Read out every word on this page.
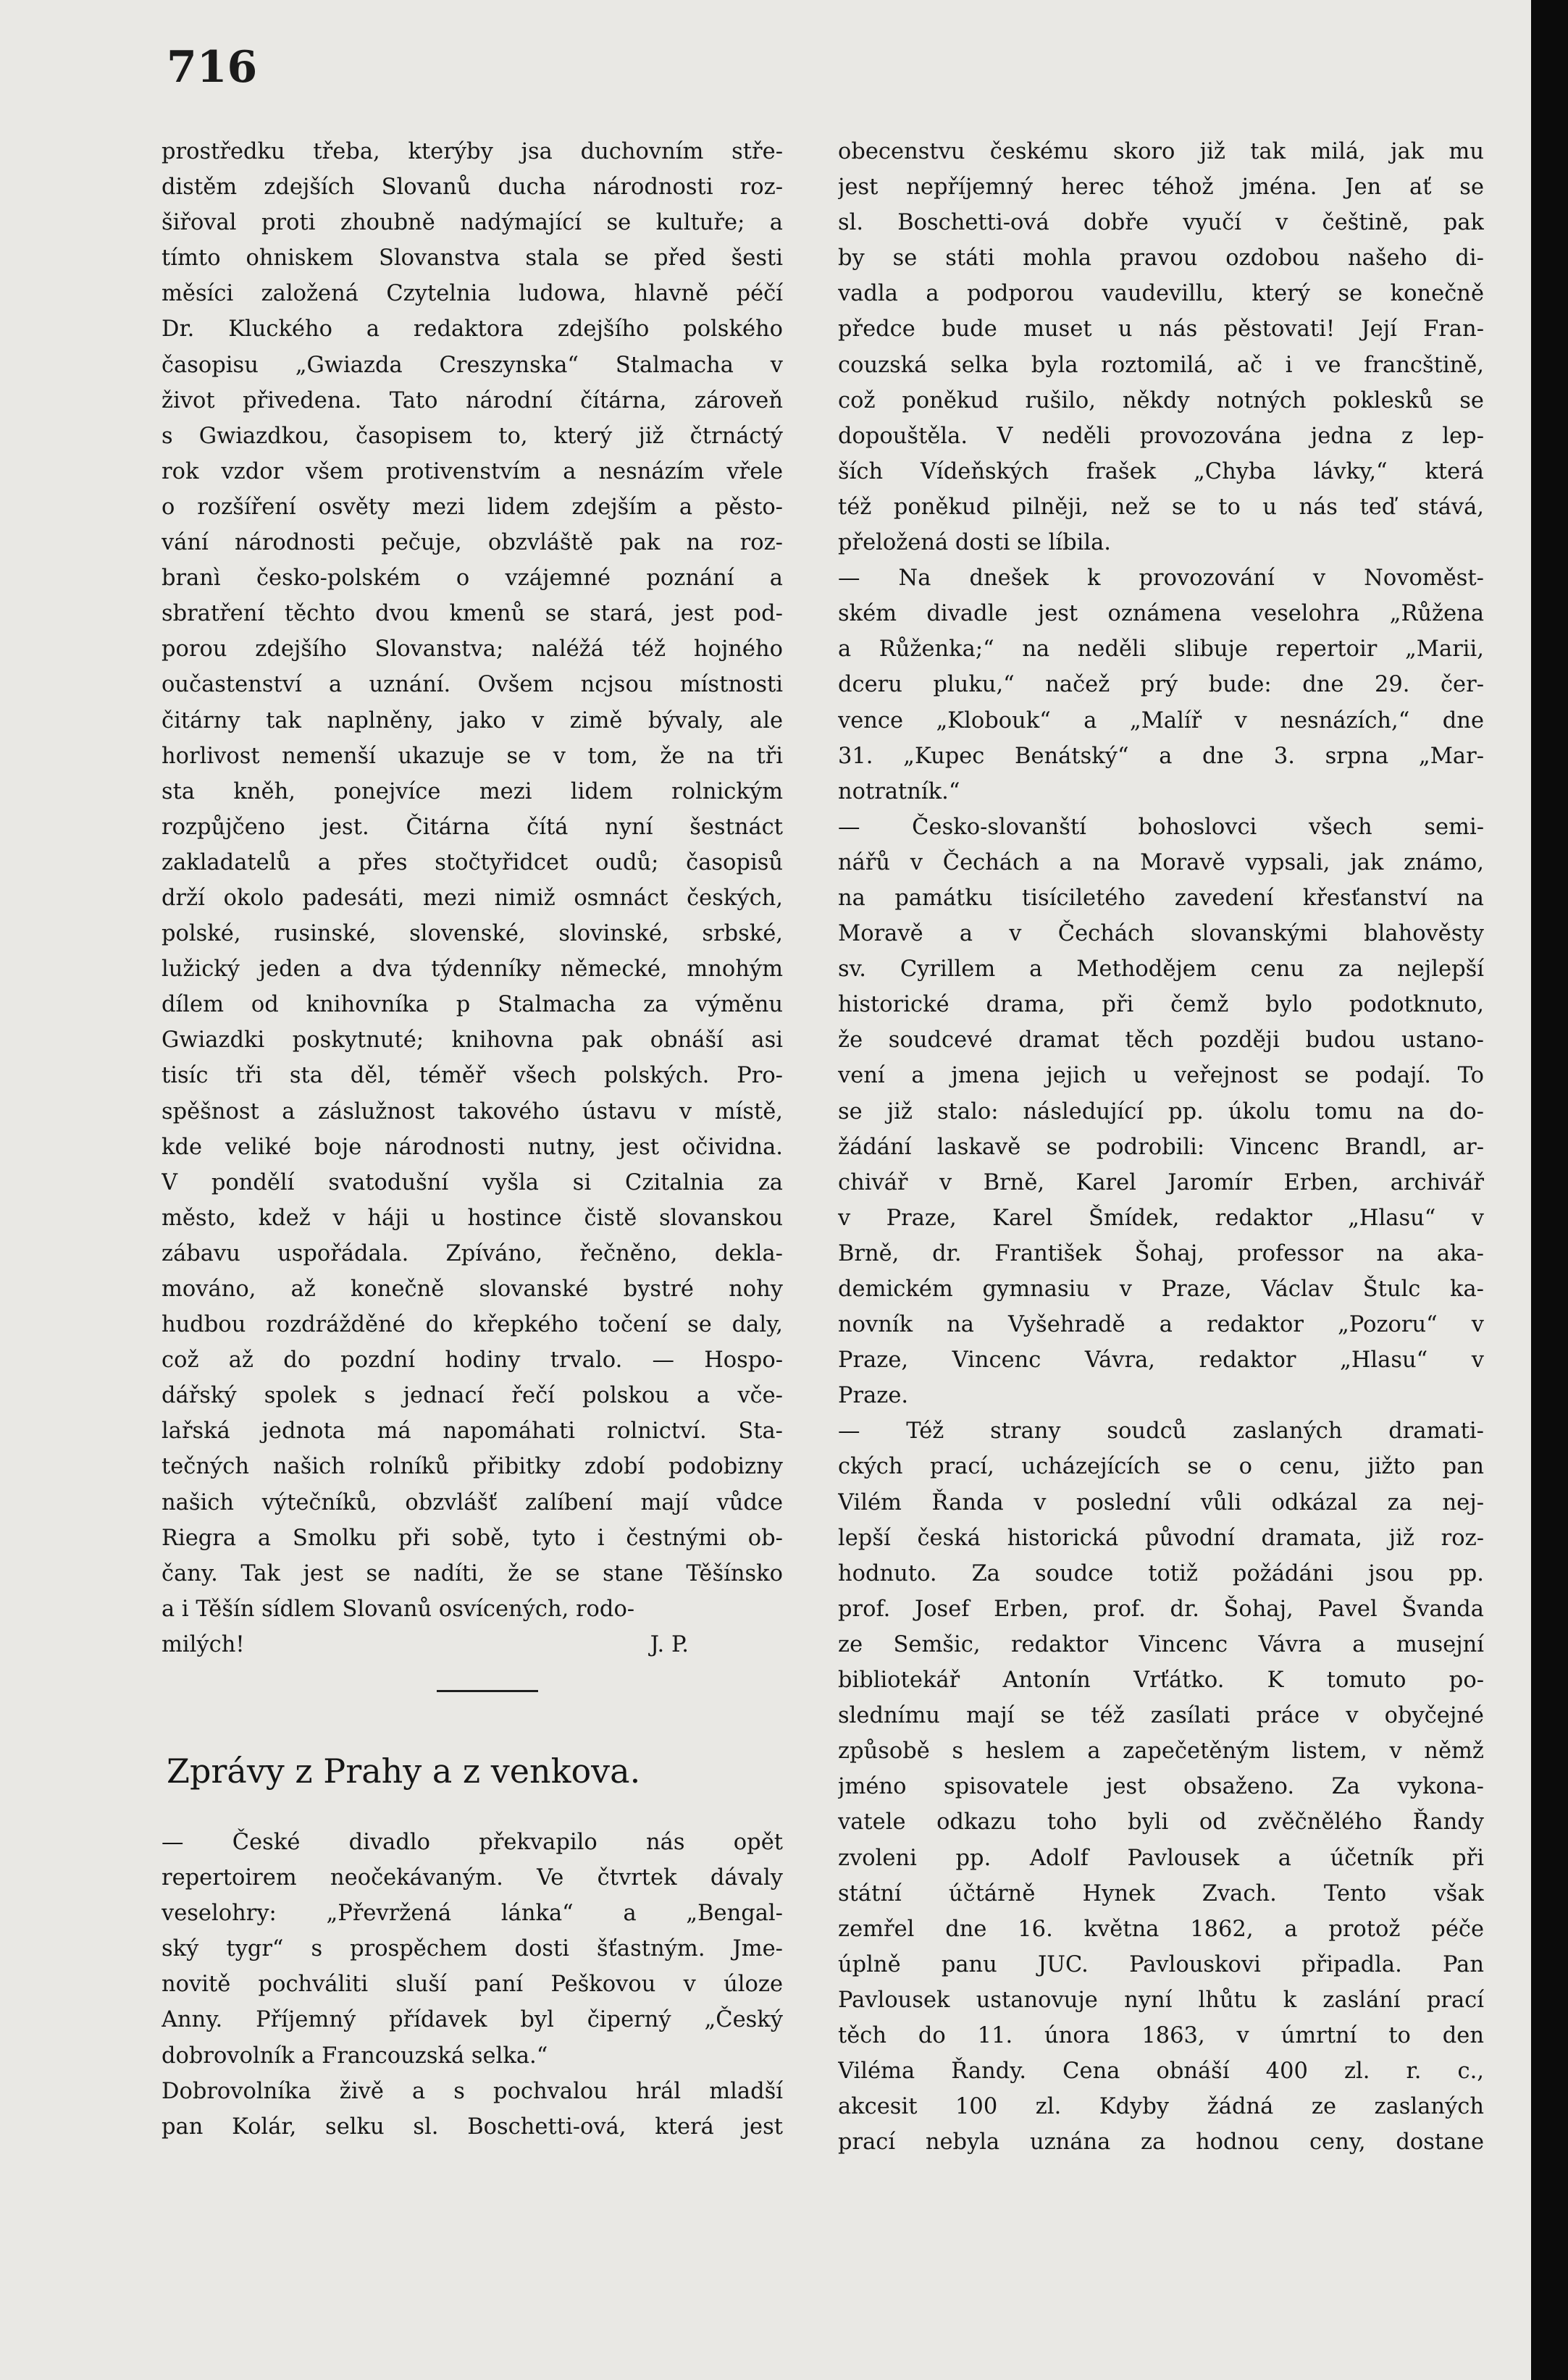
716
prostředku třeba, kterýby jsa duchovním stře-
distěm zdejších Slovanů ducha národnosti roz-
šiřoval proti zhoubně nadýmající se kultuře; a
tímto ohniskem Slovanstva stala se před šesti
měsíci založená Czytelnia ludowa, hlavně péčí
Dr. Kluckého a redaktora zdejšího polského
časopisu „Gwiazda Creszynska“ Stalmacha v
život přivedena. Tato národní čítárna, zároveň
s Gwiazdkou, časopisem to, který již čtrnáctý
rok vzdor všem protivenstvím a nesnázím vřele
o rozšíření osvěty mezi lidem zdejším a pěsto-
vání národnosti pečuje, obzvláště pak na roz-
branì česko-polském o vzájemné poznání a
sbratření těchto dvou kmenů se stará, jest pod-
porou zdejšího Slovanstva; naléžá též hojného
oučastenství a uznání. Ovšem ncjsou místnosti
čitárny tak naplněny, jako v zimě bývaly, ale
horlivost nemenší ukazuje se v tom, že na tři
sta kněh, ponejvíce mezi lidem rolnickým
rozpůjčeno jest. Čitárna čítá nyní šestnáct
zakladatelů a přes stočtyřidcet oudů; časopisů
drží okolo padesáti, mezi nimiž osmnáct českých,
polské, rusinské, slovenské, slovinské, srbské,
lužický jeden a dva týdenníky německé, mnohým
dílem od knihovníka p Stalmacha za výměnu
Gwiazdki poskytnuté; knihovna pak obnáší asi
tisíc tři sta děl, téměř všech polských. Pro-
spěšnost a záslužnost takového ústavu v místě,
kde veliké boje národnosti nutny, jest očividna.
V pondělí svatodušní vyšla si Czitalnia za
město, kdež v háji u hostince čistě slovanskou
zábavu uspořádala. Zpíváno, řečněno, dekla-
mováno, až konečně slovanské bystré nohy
hudbou rozdrážděné do křepkého točení se daly,
což až do pozdní hodiny trvalo. — Hospo-
dářský spolek s jednací řečí polskou a vče-
lařská jednota má napomáhati rolnictví. Sta-
tečných našich rolníků přibitky zdobí podobizny
našich výtečníků, obzvlášť zalíbení mají vůdce
Riegra a Smolku při sobě, tyto i čestnými ob-
čany. Tak jest se nadíti, že se stane Těšínsko
a i Těšín sídlem Slovanů osvícených, rodo-
milých!	J. P.
Zprávy z Prahy a z venkova.
— České divadlo překvapilo nás opět
repertoirem neočekávaným. Ve čtvrtek dávaly
veselohry: „Převržená lánka“ a „Bengal-
ský tygr“ s prospěchem dosti šťastným. Jme-
novitě pochváliti sluší paní Peškovou v úloze
Anny. Příjemný přídavek byl čiperný „Český
dobrovolník a Francouzská selka.“
Dobrovolníka živě a s pochvalou hrál mladší
pan Kolár, selku sl. Boschetti-ová, která jest
obecenstvu českému skoro již tak milá, jak mu
jest nepříjemný herec téhož jména. Jen ať se
sl. Boschetti-ová dobře vyučí v češtině, pak
by se státi mohla pravou ozdobou našeho di-
vadla a podporou vaudevillu, který se konečně
předce bude muset u nás pěstovati! Její Fran-
couzská selka byla roztomilá, ač i ve francštině,
což poněkud rušilo, někdy notných poklesků se
dopouštěla. V neděli provozována jedna z lep-
ších Vídeňských frašek „Chyba lávky,“ která
též poněkud pilněji, než se to u nás teď stává,
přeložená dosti se líbila.
— Na dnešek k provozování v Novoměst-
ském divadle jest oznámena veselohra „Růžena
a Růženka;“ na neděli slibuje repertoir „Marii,
dceru pluku,“ načež prý bude: dne 29. čer-
vence „Klobouk“ a „Malíř v nesnázích,“ dne
31. „Kupec Benátský“ a dne 3. srpna „Mar-
notratník.“
— Česko-slovanští bohoslovci všech semi-
nářů v Čechách a na Moravě vypsali, jak známo,
na památku tisíciletého zavedení křesťanství na
Moravě a v Čechách slovanskými blahověsty
sv. Cyrillem a Methodějem cenu za nejlepší
historické drama, při čemž bylo podotknuto,
že soudcevé dramat těch později budou ustano-
vení a jmena jejich u veřejnost se podají. To
se již stalo: následující pp. úkolu tomu na do-
žádání laskavě se podrobili: Vincenc Brandl, ar-
chivář v Brně, Karel Jaromír Erben, archivář
v Praze, Karel Šmídek, redaktor „Hlasu“ v
Brně, dr. František Šohaj, professor na aka-
demickém gymnasiu v Praze, Václav Štulc ka-
novník na Vyšehradě a redaktor „Pozoru“ v
Praze, Vincenc Vávra, redaktor „Hlasu“ v
Praze.
— Též strany soudců zaslaných dramati-
ckých prací, ucházejících se o cenu, jižto pan
Vilém Řanda v poslední vůli odkázal za nej-
lepší česká historická původní dramata, již roz-
hodnuto. Za soudce totiž požádáni jsou pp.
prof. Josef Erben, prof. dr. Šohaj, Pavel Švanda
ze Semšic, redaktor Vincenc Vávra a musejní
bibliotekář Antonín Vrťátko. K tomuto po-
slednímu mají se též zasílati práce v obyčejné
způsobě s heslem a zapečetěným listem, v němž
jméno spisovatele jest obsaženo. Za vykona-
vatele odkazu toho byli od zvěčnělého Řandy
zvoleni pp. Adolf Pavlousek a účetník při
státní účtárně Hynek Zvach. Tento však
zemřel dne 16. května 1862, a protož péče
úplně panu JUC. Pavlouskovi připadla. Pan
Pavlousek ustanovuje nyní lhůtu k zaslání prací
těch do 11. února 1863, v úmrtní to den
Viléma Řandy. Cena obnáší 400 zl. r. c.,
akcesit 100 zl. Kdyby žádná ze zaslaných
prací nebyla uznána za hodnou ceny, dostane
